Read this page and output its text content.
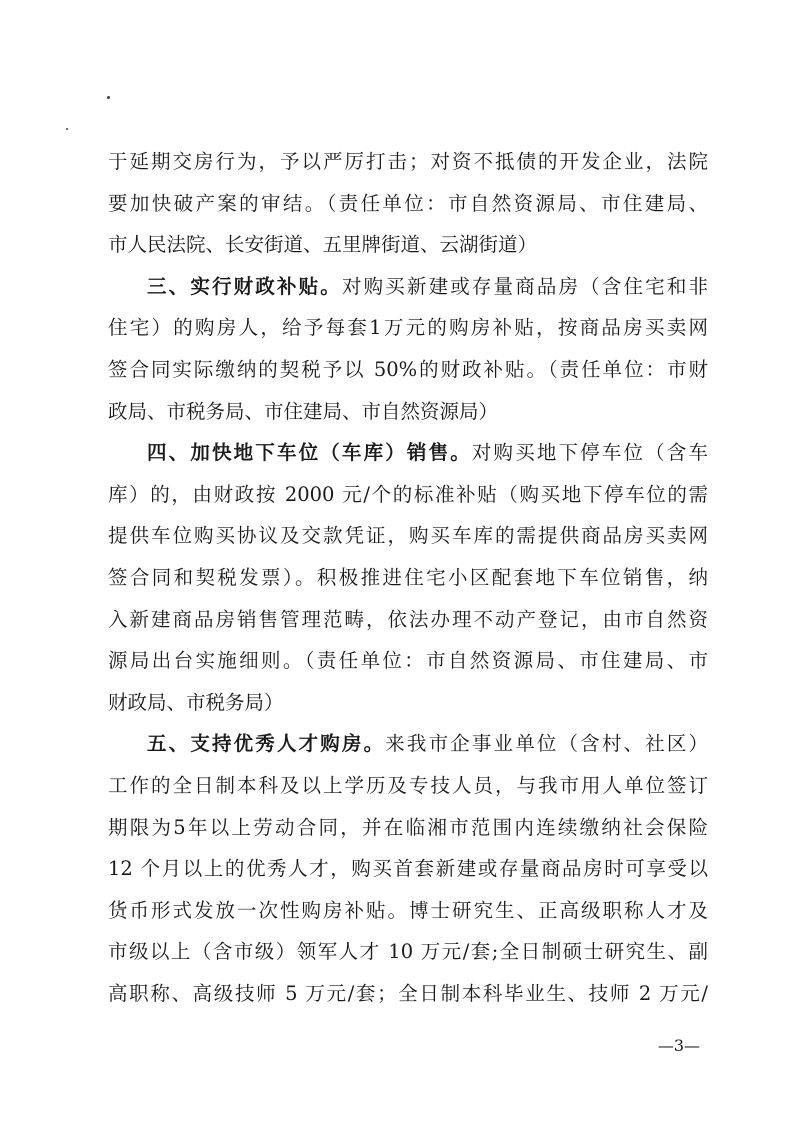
于延期交房行为，予以严厉打击；对资不抵债的开发企业，法院
要加快破产案的审结。（责任单位：市自然资源局、市住建局、
市人民法院、长安街道、五里牌街道、云湖街道）
三、实行财政补贴。对购买新建或存量商品房（含住宅和非
住宅）的购房人，给予每套1万元的购房补贴，按商品房买卖网
签合同实际缴纳的契税予以 50%的财政补贴。（责任单位：市财
政局、市税务局、市住建局、市自然资源局）
四、加快地下车位（车库）销售。对购买地下停车位（含车
库）的，由财政按 2000 元/个的标准补贴（购买地下停车位的需
提供车位购买协议及交款凭证，购买车库的需提供商品房买卖网
签合同和契税发票）。积极推进住宅小区配套地下车位销售，纳
入新建商品房销售管理范畴，依法办理不动产登记，由市自然资
源局出台实施细则。（责任单位：市自然资源局、市住建局、市
财政局、市税务局）
五、支持优秀人才购房。来我市企事业单位（含村、社区）
工作的全日制本科及以上学历及专技人员，与我市用人单位签订
期限为5年以上劳动合同，并在临湘市范围内连续缴纳社会保险
12 个月以上的优秀人才，购买首套新建或存量商品房时可享受以
货币形式发放一次性购房补贴。博士研究生、正高级职称人才及
市级以上（含市级）领军人才 10 万元/套;全日制硕士研究生、副
高职称、高级技师 5 万元/套；全日制本科毕业生、技师 2 万元/
—3—
